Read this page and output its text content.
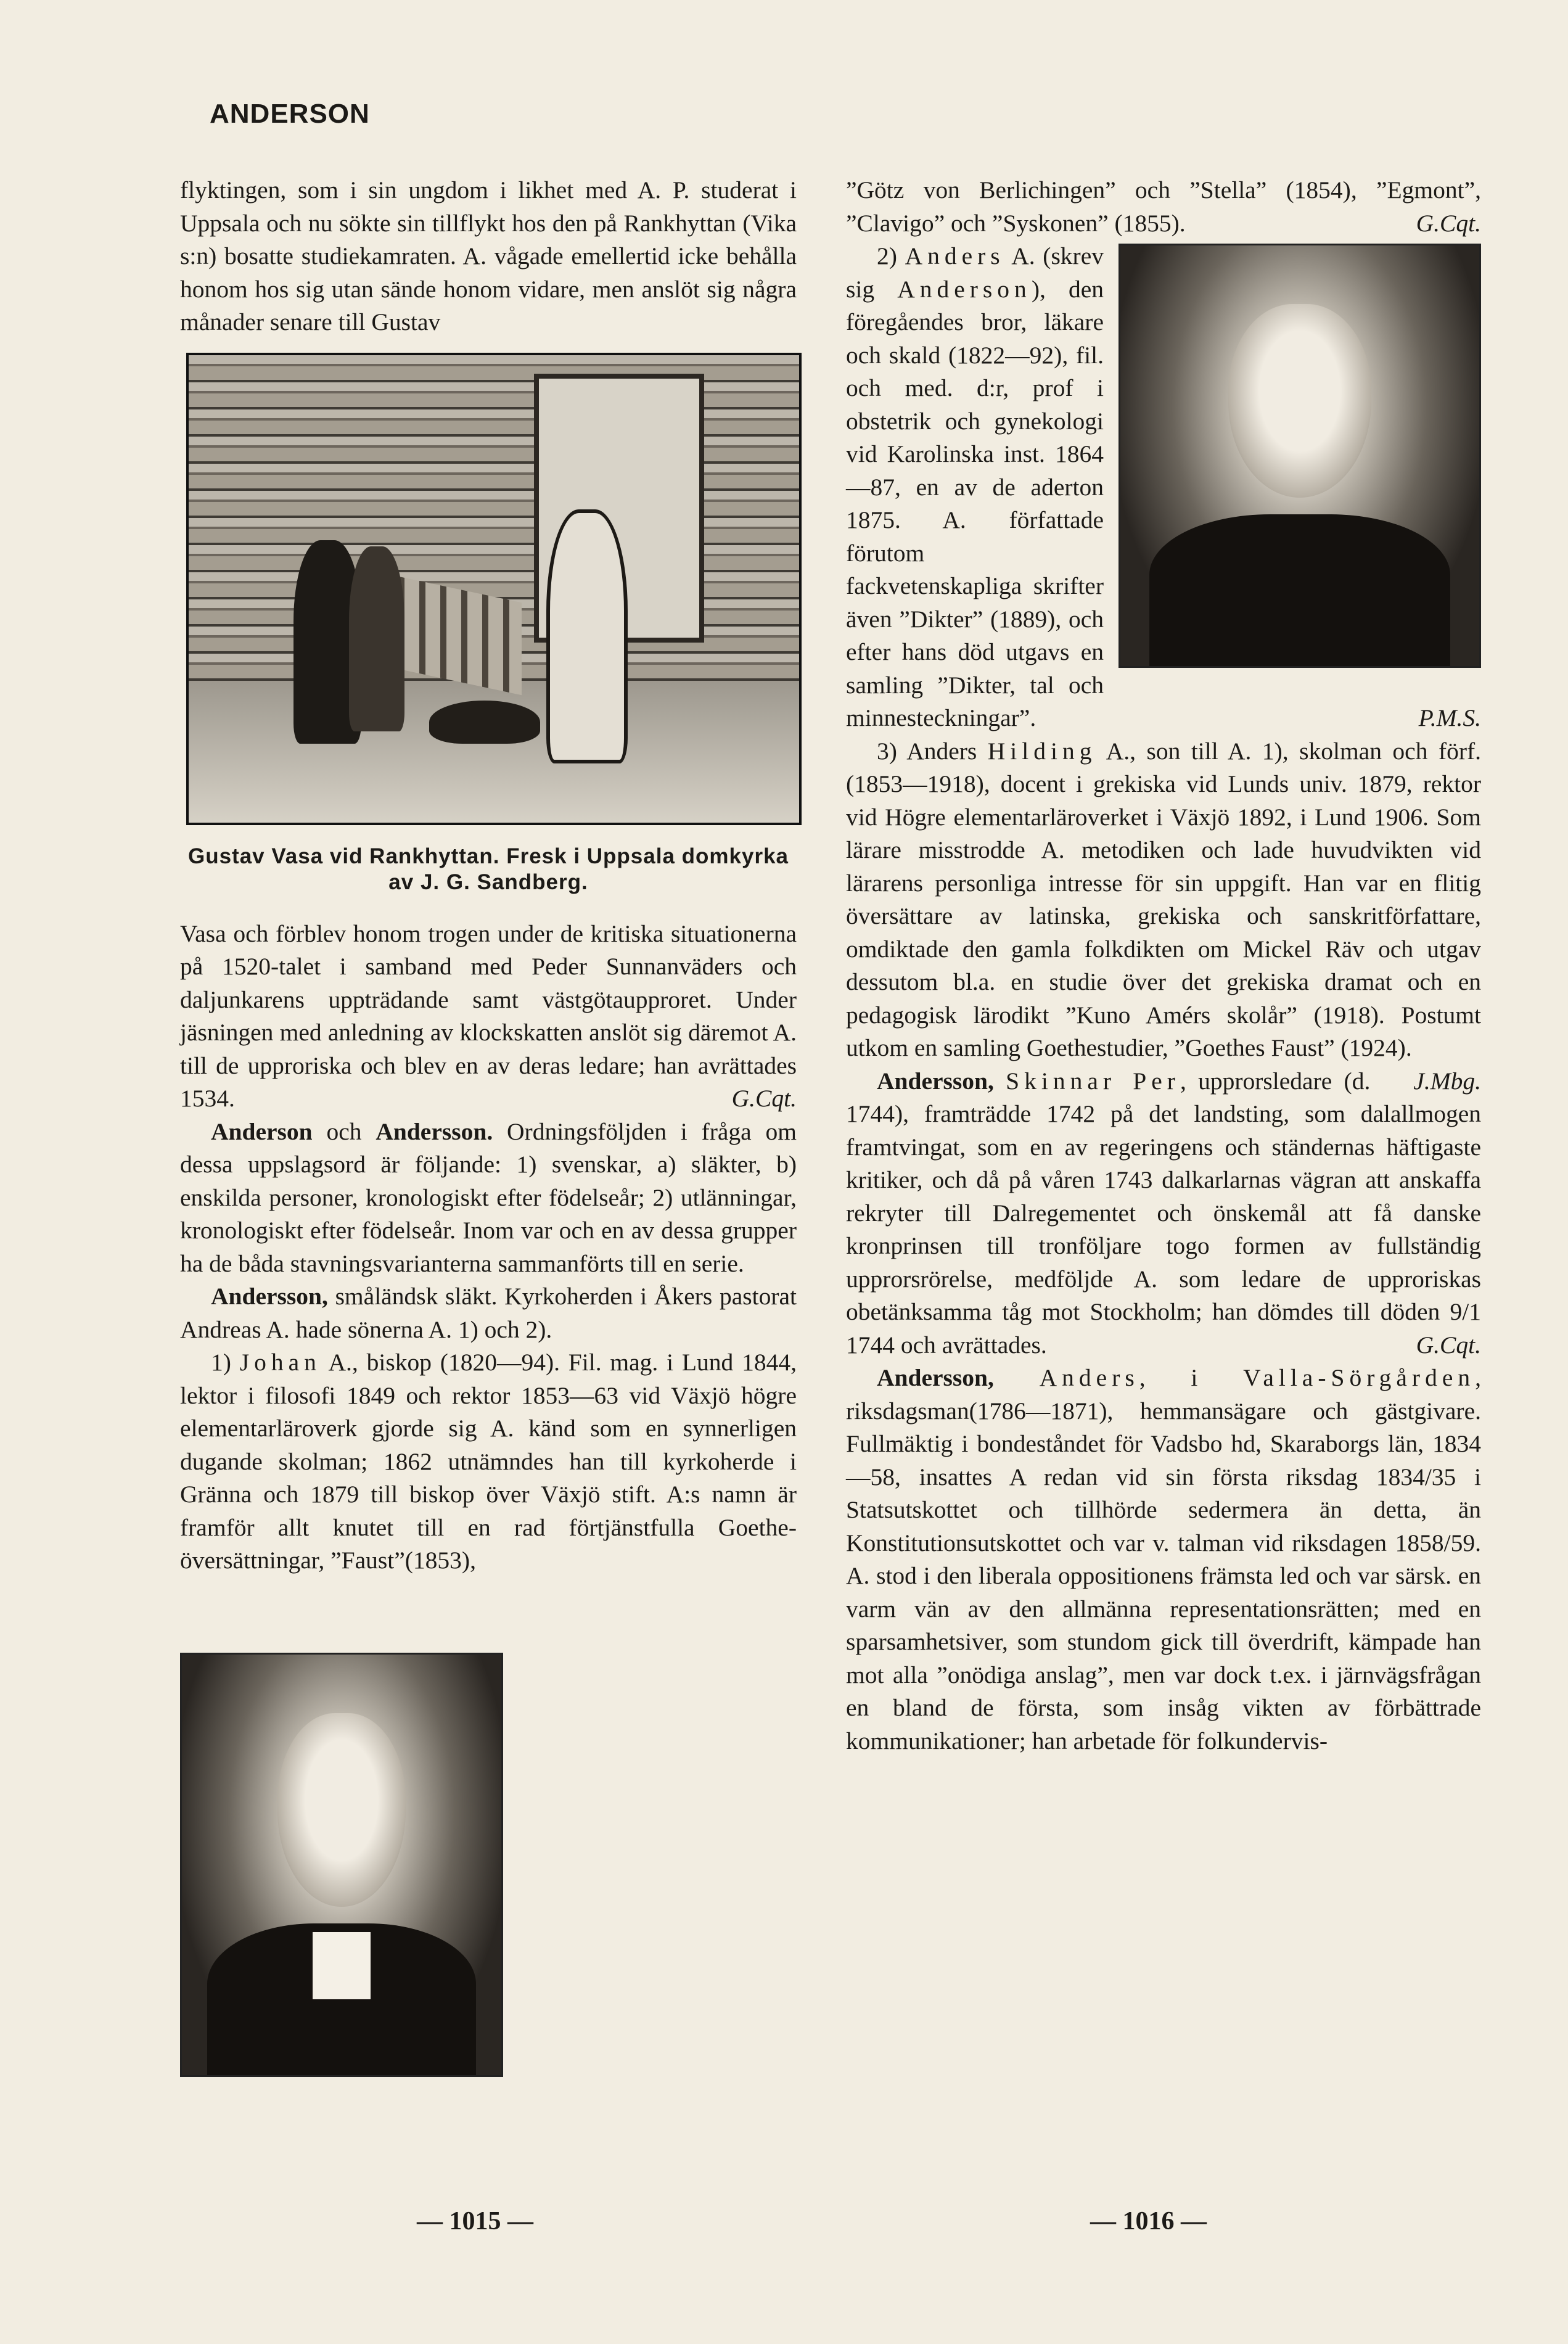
ANDERSON

flyktingen, som i sin ungdom i likhet med A. P. studerat i Uppsala och nu sökte sin tillflykt hos den på Rankhyttan (Vika s:n) bosatte studiekamraten. A. vågade emellertid icke behålla honom hos sig utan sände honom vidare, men anslöt sig några månader senare till Gustav

Gustav Vasa vid Rankhyttan. Fresk i Uppsala domkyrka av J. G. Sandberg.

Vasa och förblev honom trogen under de kritiska situationerna på 1520-talet i samband med Peder Sunnanväders och daljunkarens uppträdande samt västgötaupproret. Under jäsningen med anledning av klockskatten anslöt sig däremot A. till de upproriska och blev en av deras ledare; han avrättades 1534.	G.Cqt.

Anderson och Andersson. Ordningsföljden i fråga om dessa uppslagsord är följande: 1) svenskar, a) släkter, b) enskilda personer, kronologiskt efter födelseår; 2) utlänningar, kronologiskt efter födelseår. Inom var och en av dessa grupper ha de båda stavningsvarianterna sammanförts till en serie.

Andersson, småländsk släkt. Kyrkoherden i Åkers pastorat Andreas A. hade sönerna A. 1) och 2).

1) Johan A., biskop (1820—94). Fil. mag. i Lund 1844, lektor i filosofi 1849 och rektor 1853—63 vid Växjö högre elementarläroverk gjorde sig A. känd som en synnerligen dugande skolman; 1862 utnämndes han till kyrkoherde i Gränna och 1879 till biskop över Växjö stift. A:s namn är framför allt knutet till en rad förtjänstfulla Goethe-översättningar, ”Faust”(1853),

”Götz von Berlichingen” och ”Stella” (1854), ”Egmont”, ”Clavigo” och ”Syskonen” (1855).	G.Cqt.

2) Anders A. (skrev sig Anderson), den föregåendes bror, läkare och skald (1822—92), fil. och med. d:r, prof i obstetrik och gynekologi vid Karolinska inst. 1864—87, en av de aderton 1875. A. författade förutom fackvetenskapliga skrifter även ”Dikter” (1889), och efter hans död utgavs en samling ”Dikter, tal och minnesteckningar”.	P.M.S.

3) Anders Hilding A., son till A. 1), skolman och förf. (1853—1918), docent i grekiska vid Lunds univ. 1879, rektor vid Högre elementarläroverket i Växjö 1892, i Lund 1906. Som lärare misstrodde A. metodiken och lade huvudvikten vid lärarens personliga intresse för sin uppgift. Han var en flitig översättare av latinska, grekiska och sanskritförfattare, omdiktade den gamla folkdikten om Mickel Räv och utgav dessutom bl.a. en studie över det grekiska dramat och en pedagogisk lärodikt ”Kuno Amérs skolår” (1918). Postumt utkom en samling Goethestudier, ”Goethes Faust” (1924).
J.Mbg.

Andersson, Skinnar Per, upprorsledare (d. 1744), framträdde 1742 på det landsting, som dalallmogen framtvingat, som en av regeringens och ständernas häftigaste kritiker, och då på våren 1743 dalkarlarnas vägran att anskaffa rekryter till Dalregementet och önskemål att få danske kronprinsen till tronföljare togo formen av fullständig upprorsrörelse, medföljde A. som ledare de upproriskas obetänksamma tåg mot Stockholm; han dömdes till döden 9/1 1744 och avrättades.	G.Cqt.

Andersson, Anders, i Valla-Sörgården, riksdagsman(1786—1871), hemmansägare och gästgivare. Fullmäktig i bondeståndet för Vadsbo hd, Skaraborgs län, 1834—58, insattes A redan vid sin första riksdag 1834/35 i Statsutskottet och tillhörde sedermera än detta, än Konstitutionsutskottet och var v. talman vid riksdagen 1858/59. A. stod i den liberala oppositionens främsta led och var särsk. en varm vän av den allmänna representationsrätten; med en sparsamhetsiver, som stundom gick till överdrift, kämpade han mot alla ”onödiga anslag”, men var dock t.ex. i järnvägsfrågan en bland de första, som insåg vikten av förbättrade kommunikationer; han arbetade för folkundervis-

— 1015 —	— 1016 —
